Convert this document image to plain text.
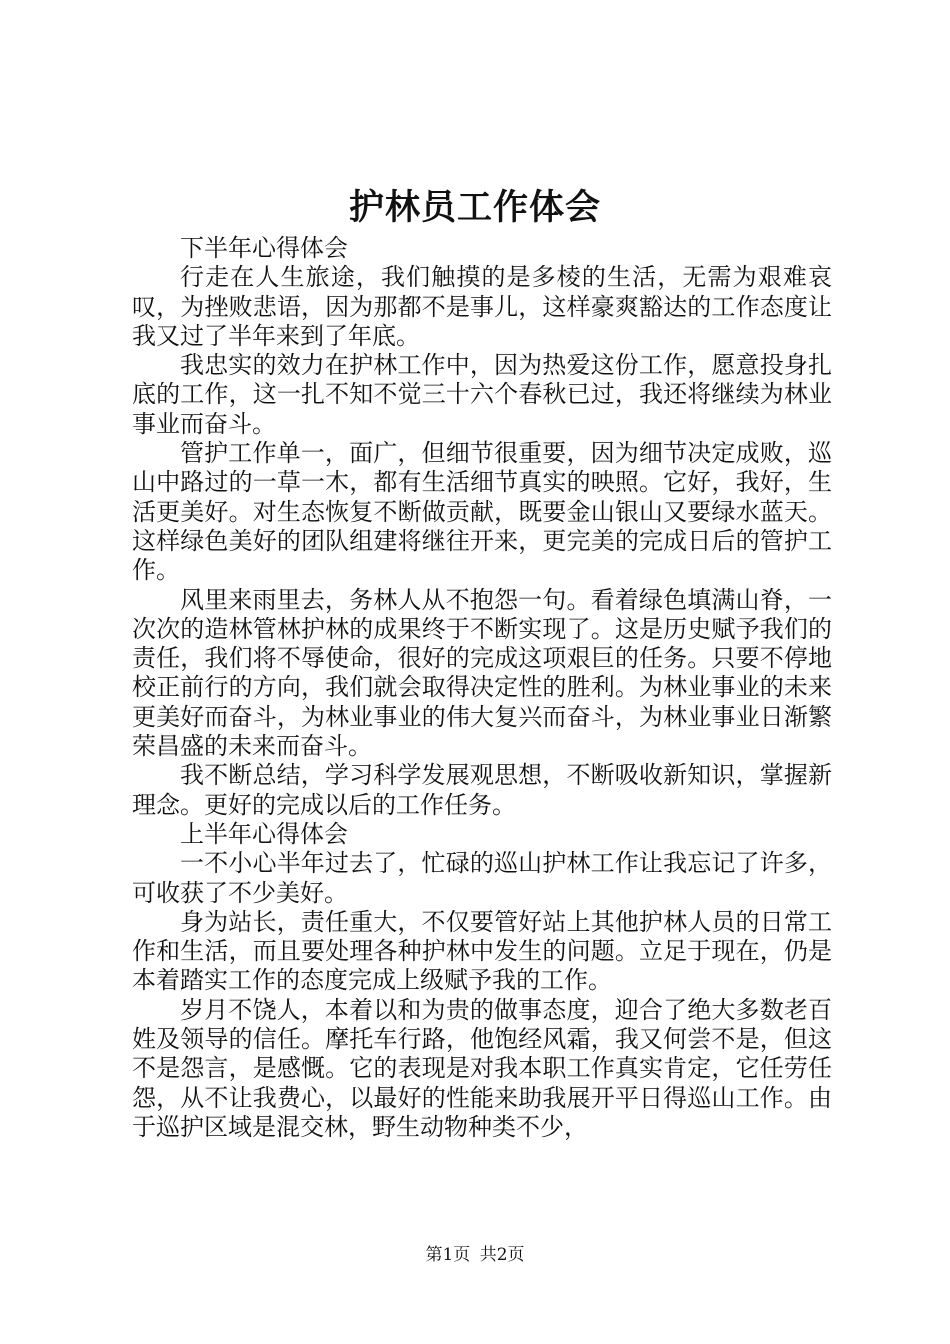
护林员工作体会

下半年心得体会

行走在人生旅途，我们触摸的是多棱的生活，无需为艰难哀叹，为挫败悲语，因为那都不是事儿，这样豪爽豁达的工作态度让我又过了半年来到了年底。

我忠实的效力在护林工作中，因为热爱这份工作，愿意投身扎底的工作，这一扎不知不觉三十六个春秋已过，我还将继续为林业事业而奋斗。

管护工作单一，面广，但细节很重要，因为细节决定成败，巡山中路过的一草一木，都有生活细节真实的映照。它好，我好，生活更美好。对生态恢复不断做贡献，既要金山银山又要绿水蓝天。这样绿色美好的团队组建将继往开来，更完美的完成日后的管护工作。

风里来雨里去，务林人从不抱怨一句。看着绿色填满山脊，一次次的造林管林护林的成果终于不断实现了。这是历史赋予我们的责任，我们将不辱使命，很好的完成这项艰巨的任务。只要不停地校正前行的方向，我们就会取得决定性的胜利。为林业事业的未来更美好而奋斗，为林业事业的伟大复兴而奋斗，为林业事业日渐繁荣昌盛的未来而奋斗。

我不断总结，学习科学发展观思想，不断吸收新知识，掌握新理念。更好的完成以后的工作任务。

上半年心得体会

一不小心半年过去了，忙碌的巡山护林工作让我忘记了许多，可收获了不少美好。

身为站长，责任重大，不仅要管好站上其他护林人员的日常工作和生活，而且要处理各种护林中发生的问题。立足于现在，仍是本着踏实工作的态度完成上级赋予我的工作。

岁月不饶人，本着以和为贵的做事态度，迎合了绝大多数老百姓及领导的信任。摩托车行路，他饱经风霜，我又何尝不是，但这不是怨言，是感慨。它的表现是对我本职工作真实肯定，它任劳任怨，从不让我费心，以最好的性能来助我展开平日得巡山工作。由于巡护区域是混交林，野生动物种类不少，

第1页 共2页
